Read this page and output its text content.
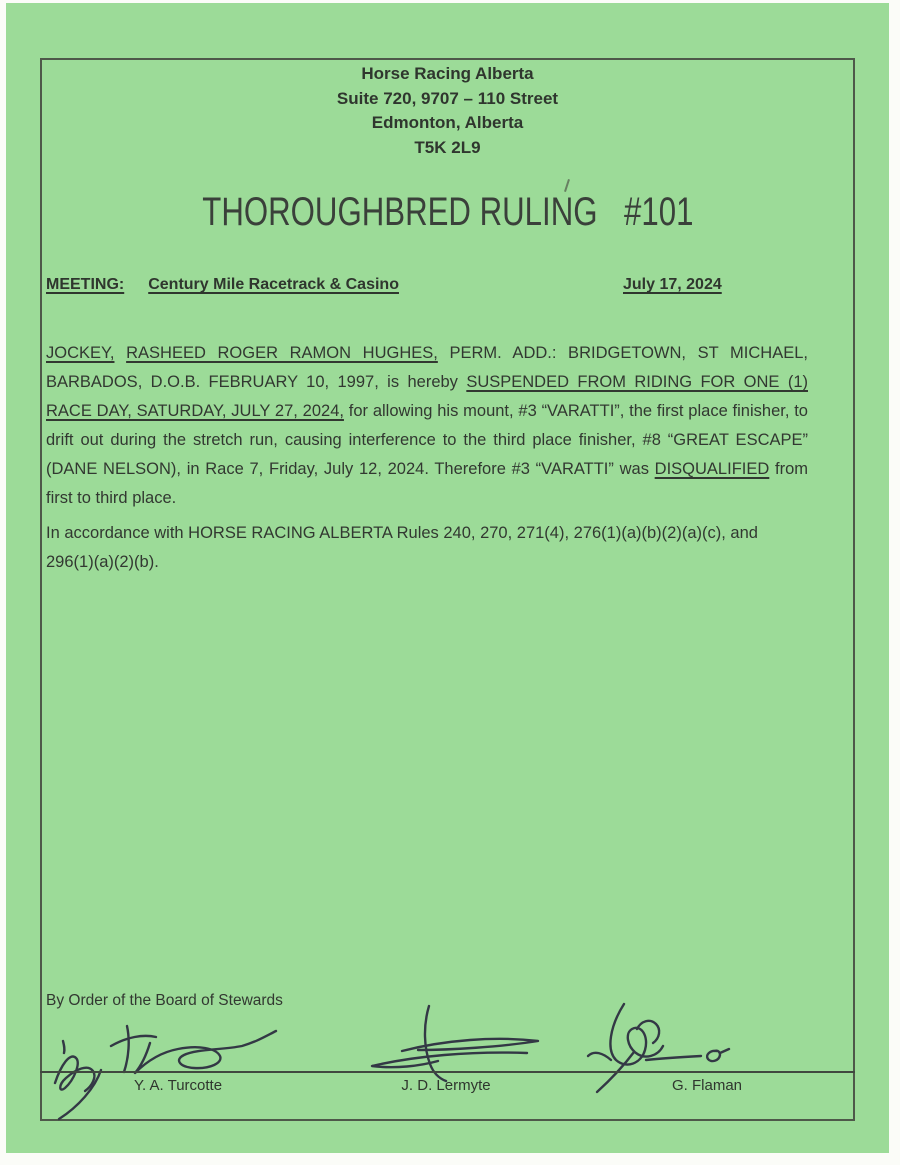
Horse Racing Alberta
Suite 720, 9707 – 110 Street
Edmonton, Alberta
T5K 2L9
THOROUGHBRED RULING #101
MEETING: Century Mile Racetrack & Casino	July 17, 2024

JOCKEY, RASHEED ROGER RAMON HUGHES, PERM. ADD.: BRIDGETOWN, ST MICHAEL, BARBADOS, D.O.B. FEBRUARY 10, 1997, is hereby SUSPENDED FROM RIDING FOR ONE (1) RACE DAY, SATURDAY, JULY 27, 2024, for allowing his mount, #3 “VARATTI”, the first place finisher, to drift out during the stretch run, causing interference to the third place finisher, #8 “GREAT ESCAPE” (DANE NELSON), in Race 7, Friday, July 12, 2024. Therefore #3 “VARATTI” was DISQUALIFIED from first to third place.

In accordance with HORSE RACING ALBERTA Rules 240, 270, 271(4), 276(1)(a)(b)(2)(a)(c), and 296(1)(a)(2)(b).

By Order of the Board of Stewards
Y. A. Turcotte	J. D. Lermyte	G. Flaman
